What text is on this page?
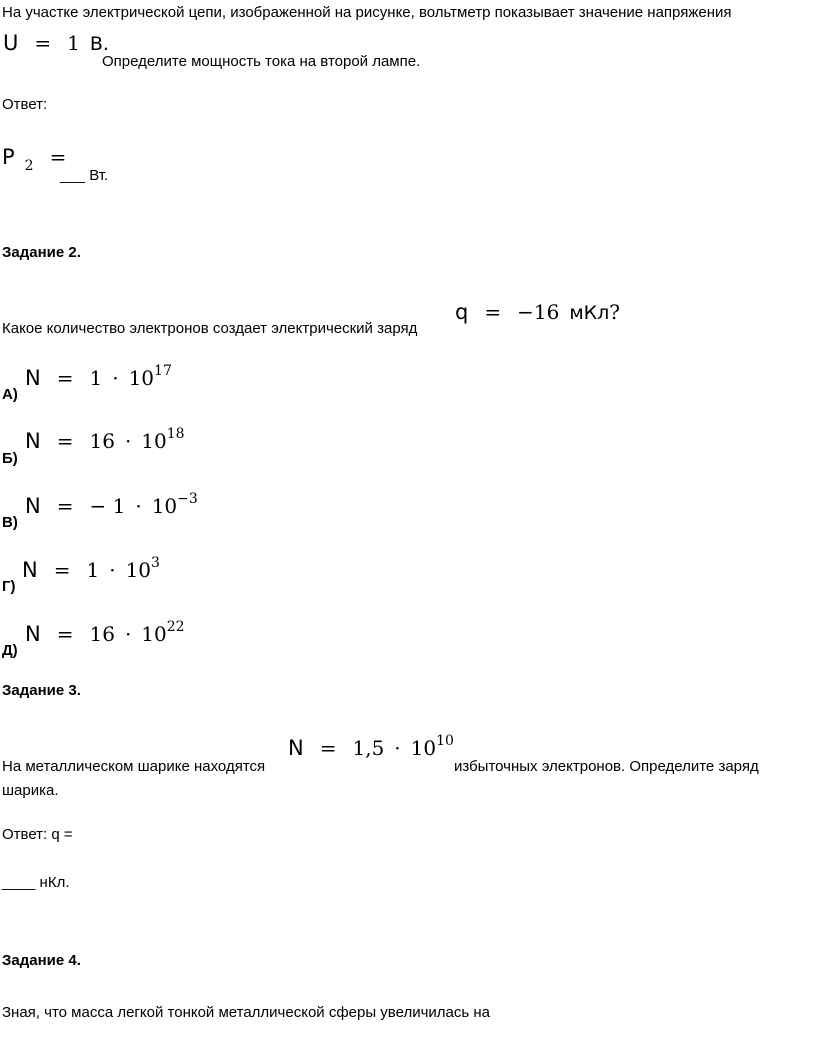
На участке электрической цепи, изображенной на рисунке, вольтметр показывает значение напряжения
U = 1 В.
Определите мощность тока на второй лампе.
Ответ:
P 2 =
___ Вт.
Задание 2.
Какое количество электронов создает электрический заряд
q = −16 мКл?
А)
N = 1 · 1017
Б)
N = 16 · 1018
В)
N = − 1 · 10−3
Г)
N = 1 · 103
Д)
N = 16 · 1022
Задание 3.
На металлическом шарике находятся
N = 1,5 · 1010
избыточных электронов. Определите заряд
шарика.
Ответ: q =
____ нКл.
Задание 4.
Зная, что масса легкой тонкой металлической сферы увеличилась на
